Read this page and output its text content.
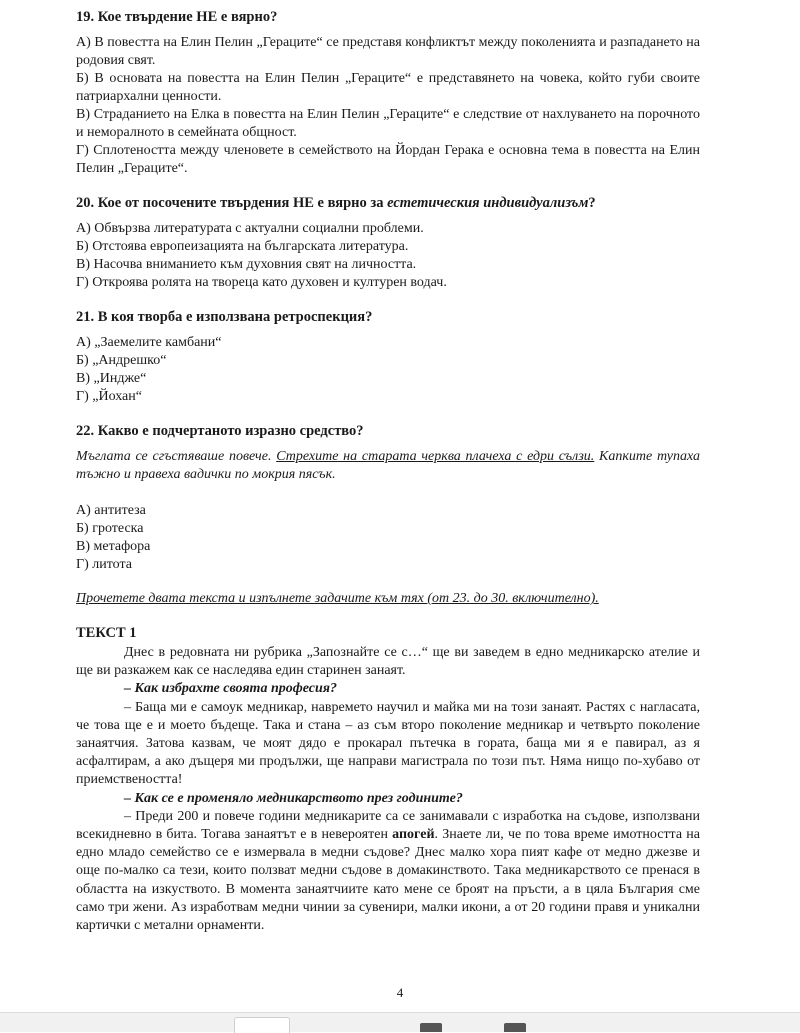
19. Кое твърдение НЕ е вярно?
А) В повестта на Елин Пелин „Гераците“ се представя конфликтът между поколенията и разпадането на родовия свят.
Б) В основата на повестта на Елин Пелин „Гераците“ е представянето на човека, който губи своите патриархални ценности.
В) Страданието на Елка в повестта на Елин Пелин „Гераците“ е следствие от нахлуването на порочното и неморалното в семейната общност.
Г) Сплотеността между членовете в семейството на Йордан Герака е основна тема в повестта на Елин Пелин „Гераците“.
20. Кое от посочените твърдения НЕ е вярно за естетическия индивидуализъм?
А) Обвързва литературата с актуални социални проблеми.
Б) Отстоява европеизацията на българската литература.
В) Насочва вниманието към духовния свят на личността.
Г) Откроява ролята на твореца като духовен и културен водач.
21. В коя творба е използвана ретроспекция?
А) „Заемелите камбани“
Б) „Андрешко“
В) „Индже“
Г) „Йохан“
22. Какво е подчертаното изразно средство?
Мъглата се сгъстяваше повече. Стрехите на старата черква плачеха с едри сълзи. Капките тупаха тъжно и правеха вадички по мокрия пясък.
А) антитеза
Б) гротеска
В) метафора
Г) литота
Прочетете двата текста и изпълнете задачите към тях (от 23. до 30. включително).
ТЕКСТ 1

Днес в редовната ни рубрика „Запознайте се с…“ ще ви заведем в едно медникарско ателие и ще ви разкажем как се наследява един старинен занаят.

– Как избрахте своята професия?

– Баща ми е самоук медникар, навремето научил и майка ми на този занаят. Растях с нагласата, че това ще е и моето бъдеще. Така и стана – аз съм второ поколение медникар и четвърто поколение занаятчия. Затова казвам, че моят дядо е прокарал пътечка в гората, баща ми я е павирал, аз я асфалтирам, а ако дъщеря ми продължи, ще направи магистрала по този път. Няма нищо по-хубаво от приемствеността!

– Как се е променяло медникарството през годините?

– Преди 200 и повече години медникарите са се занимавали с изработка на съдове, използвани всекидневно в бита. Тогава занаятът е в невероятен апогей. Знаете ли, че по това време имотността на едно младо семейство се е измервала в медни съдове? Днес малко хора пият кафе от медно джезве и още по-малко са тези, които ползват медни съдове в домакинството. Така медникарството се пренася в областта на изкуството. В момента занаятчиите като мене се броят на пръсти, а в цяла България сме само три жени. Аз изработвам медни чинии за сувенири, малки икони, а от 20 години правя и уникални картички с метални орнаменти.

4
